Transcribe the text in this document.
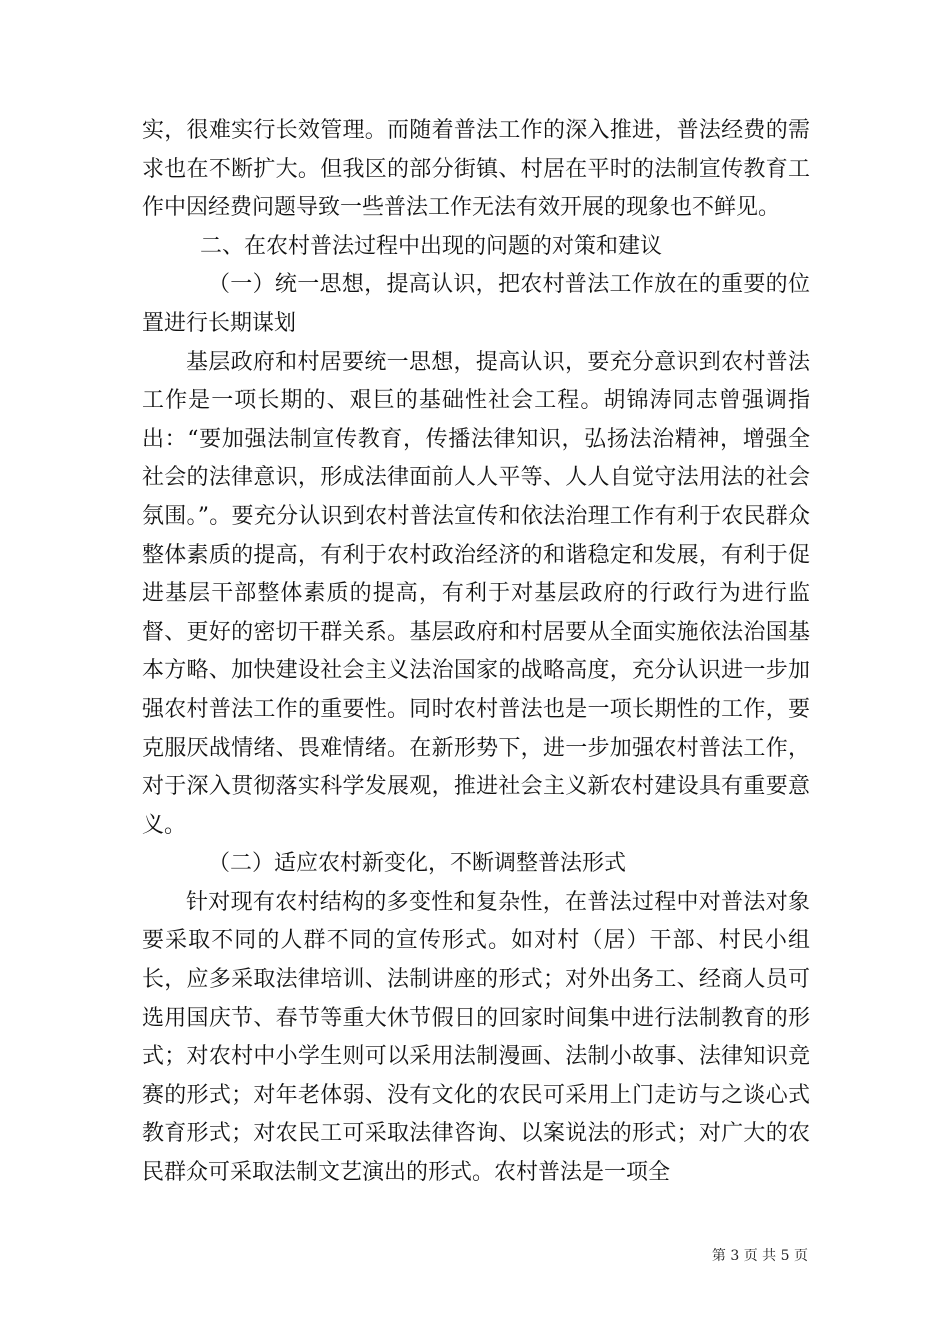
实，很难实行长效管理。而随着普法工作的深入推进，普法经费的需求也在不断扩大。但我区的部分街镇、村居在平时的法制宣传教育工作中因经费问题导致一些普法工作无法有效开展的现象也不鲜见。

二、在农村普法过程中出现的问题的对策和建议

（一）统一思想，提高认识，把农村普法工作放在的重要的位置进行长期谋划

基层政府和村居要统一思想，提高认识，要充分意识到农村普法工作是一项长期的、艰巨的基础性社会工程。胡锦涛同志曾强调指出：“要加强法制宣传教育，传播法律知识，弘扬法治精神，增强全社会的法律意识，形成法律面前人人平等、人人自觉守法用法的社会氛围。”。要充分认识到农村普法宣传和依法治理工作有利于农民群众整体素质的提高，有利于农村政治经济的和谐稳定和发展，有利于促进基层干部整体素质的提高，有利于对基层政府的行政行为进行监督、更好的密切干群关系。基层政府和村居要从全面实施依法治国基本方略、加快建设社会主义法治国家的战略高度，充分认识进一步加强农村普法工作的重要性。同时农村普法也是一项长期性的工作，要克服厌战情绪、畏难情绪。在新形势下，进一步加强农村普法工作，对于深入贯彻落实科学发展观，推进社会主义新农村建设具有重要意义。

（二）适应农村新变化，不断调整普法形式

针对现有农村结构的多变性和复杂性，在普法过程中对普法对象要采取不同的人群不同的宣传形式。如对村（居）干部、村民小组长，应多采取法律培训、法制讲座的形式；对外出务工、经商人员可选用国庆节、春节等重大休节假日的回家时间集中进行法制教育的形式；对农村中小学生则可以采用法制漫画、法制小故事、法律知识竞赛的形式；对年老体弱、没有文化的农民可采用上门走访与之谈心式教育形式；对农民工可采取法律咨询、以案说法的形式；对广大的农民群众可采取法制文艺演出的形式。农村普法是一项全

第 3 页 共 5 页
